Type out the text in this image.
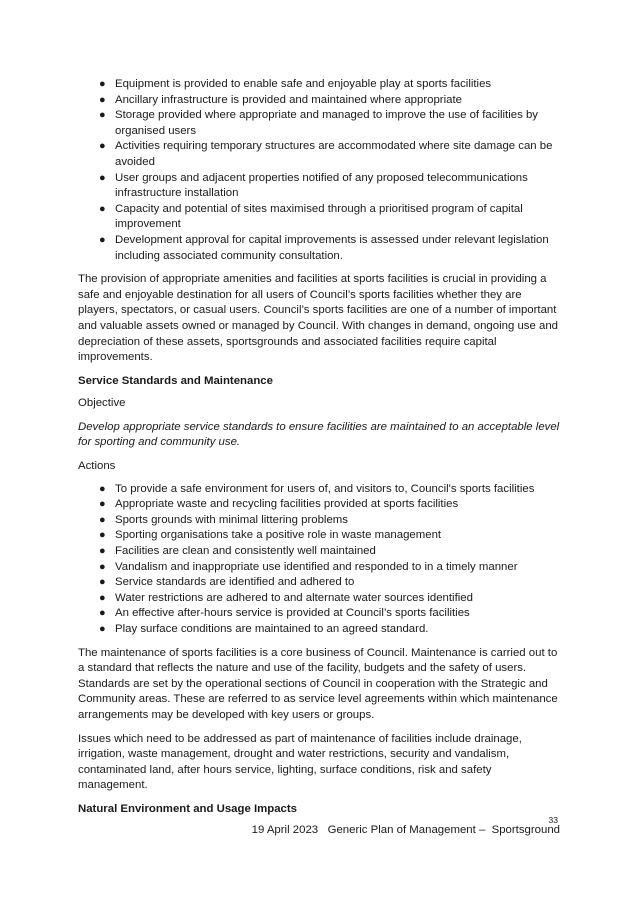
● Equipment is provided to enable safe and enjoyable play at sports facilities
● Ancillary infrastructure is provided and maintained where appropriate
● Storage provided where appropriate and managed to improve the use of facilities by organised users
● Activities requiring temporary structures are accommodated where site damage can be avoided
● User groups and adjacent properties notified of any proposed telecommunications infrastructure installation
● Capacity and potential of sites maximised through a prioritised program of capital improvement
● Development approval for capital improvements is assessed under relevant legislation including associated community consultation.

The provision of appropriate amenities and facilities at sports facilities is crucial in providing a safe and enjoyable destination for all users of Council’s sports facilities whether they are players, spectators, or casual users. Council’s sports facilities are one of a number of important and valuable assets owned or managed by Council. With changes in demand, ongoing use and depreciation of these assets, sportsgrounds and associated facilities require capital improvements.

Service Standards and Maintenance

Objective

Develop appropriate service standards to ensure facilities are maintained to an acceptable level for sporting and community use.

Actions

● To provide a safe environment for users of, and visitors to, Council's sports facilities
● Appropriate waste and recycling facilities provided at sports facilities
● Sports grounds with minimal littering problems
● Sporting organisations take a positive role in waste management
● Facilities are clean and consistently well maintained
● Vandalism and inappropriate use identified and responded to in a timely manner
● Service standards are identified and adhered to
● Water restrictions are adhered to and alternate water sources identified
● An effective after-hours service is provided at Council’s sports facilities
● Play surface conditions are maintained to an agreed standard.

The maintenance of sports facilities is a core business of Council. Maintenance is carried out to a standard that reflects the nature and use of the facility, budgets and the safety of users. Standards are set by the operational sections of Council in cooperation with the Strategic and Community areas. These are referred to as service level agreements within which maintenance arrangements may be developed with key users or groups.

Issues which need to be addressed as part of maintenance of facilities include drainage, irrigation, waste management, drought and water restrictions, security and vandalism, contaminated land, after hours service, lighting, surface conditions, risk and safety management.

Natural Environment and Usage Impacts

33
19 April 2023   Generic Plan of Management –  Sportsground
